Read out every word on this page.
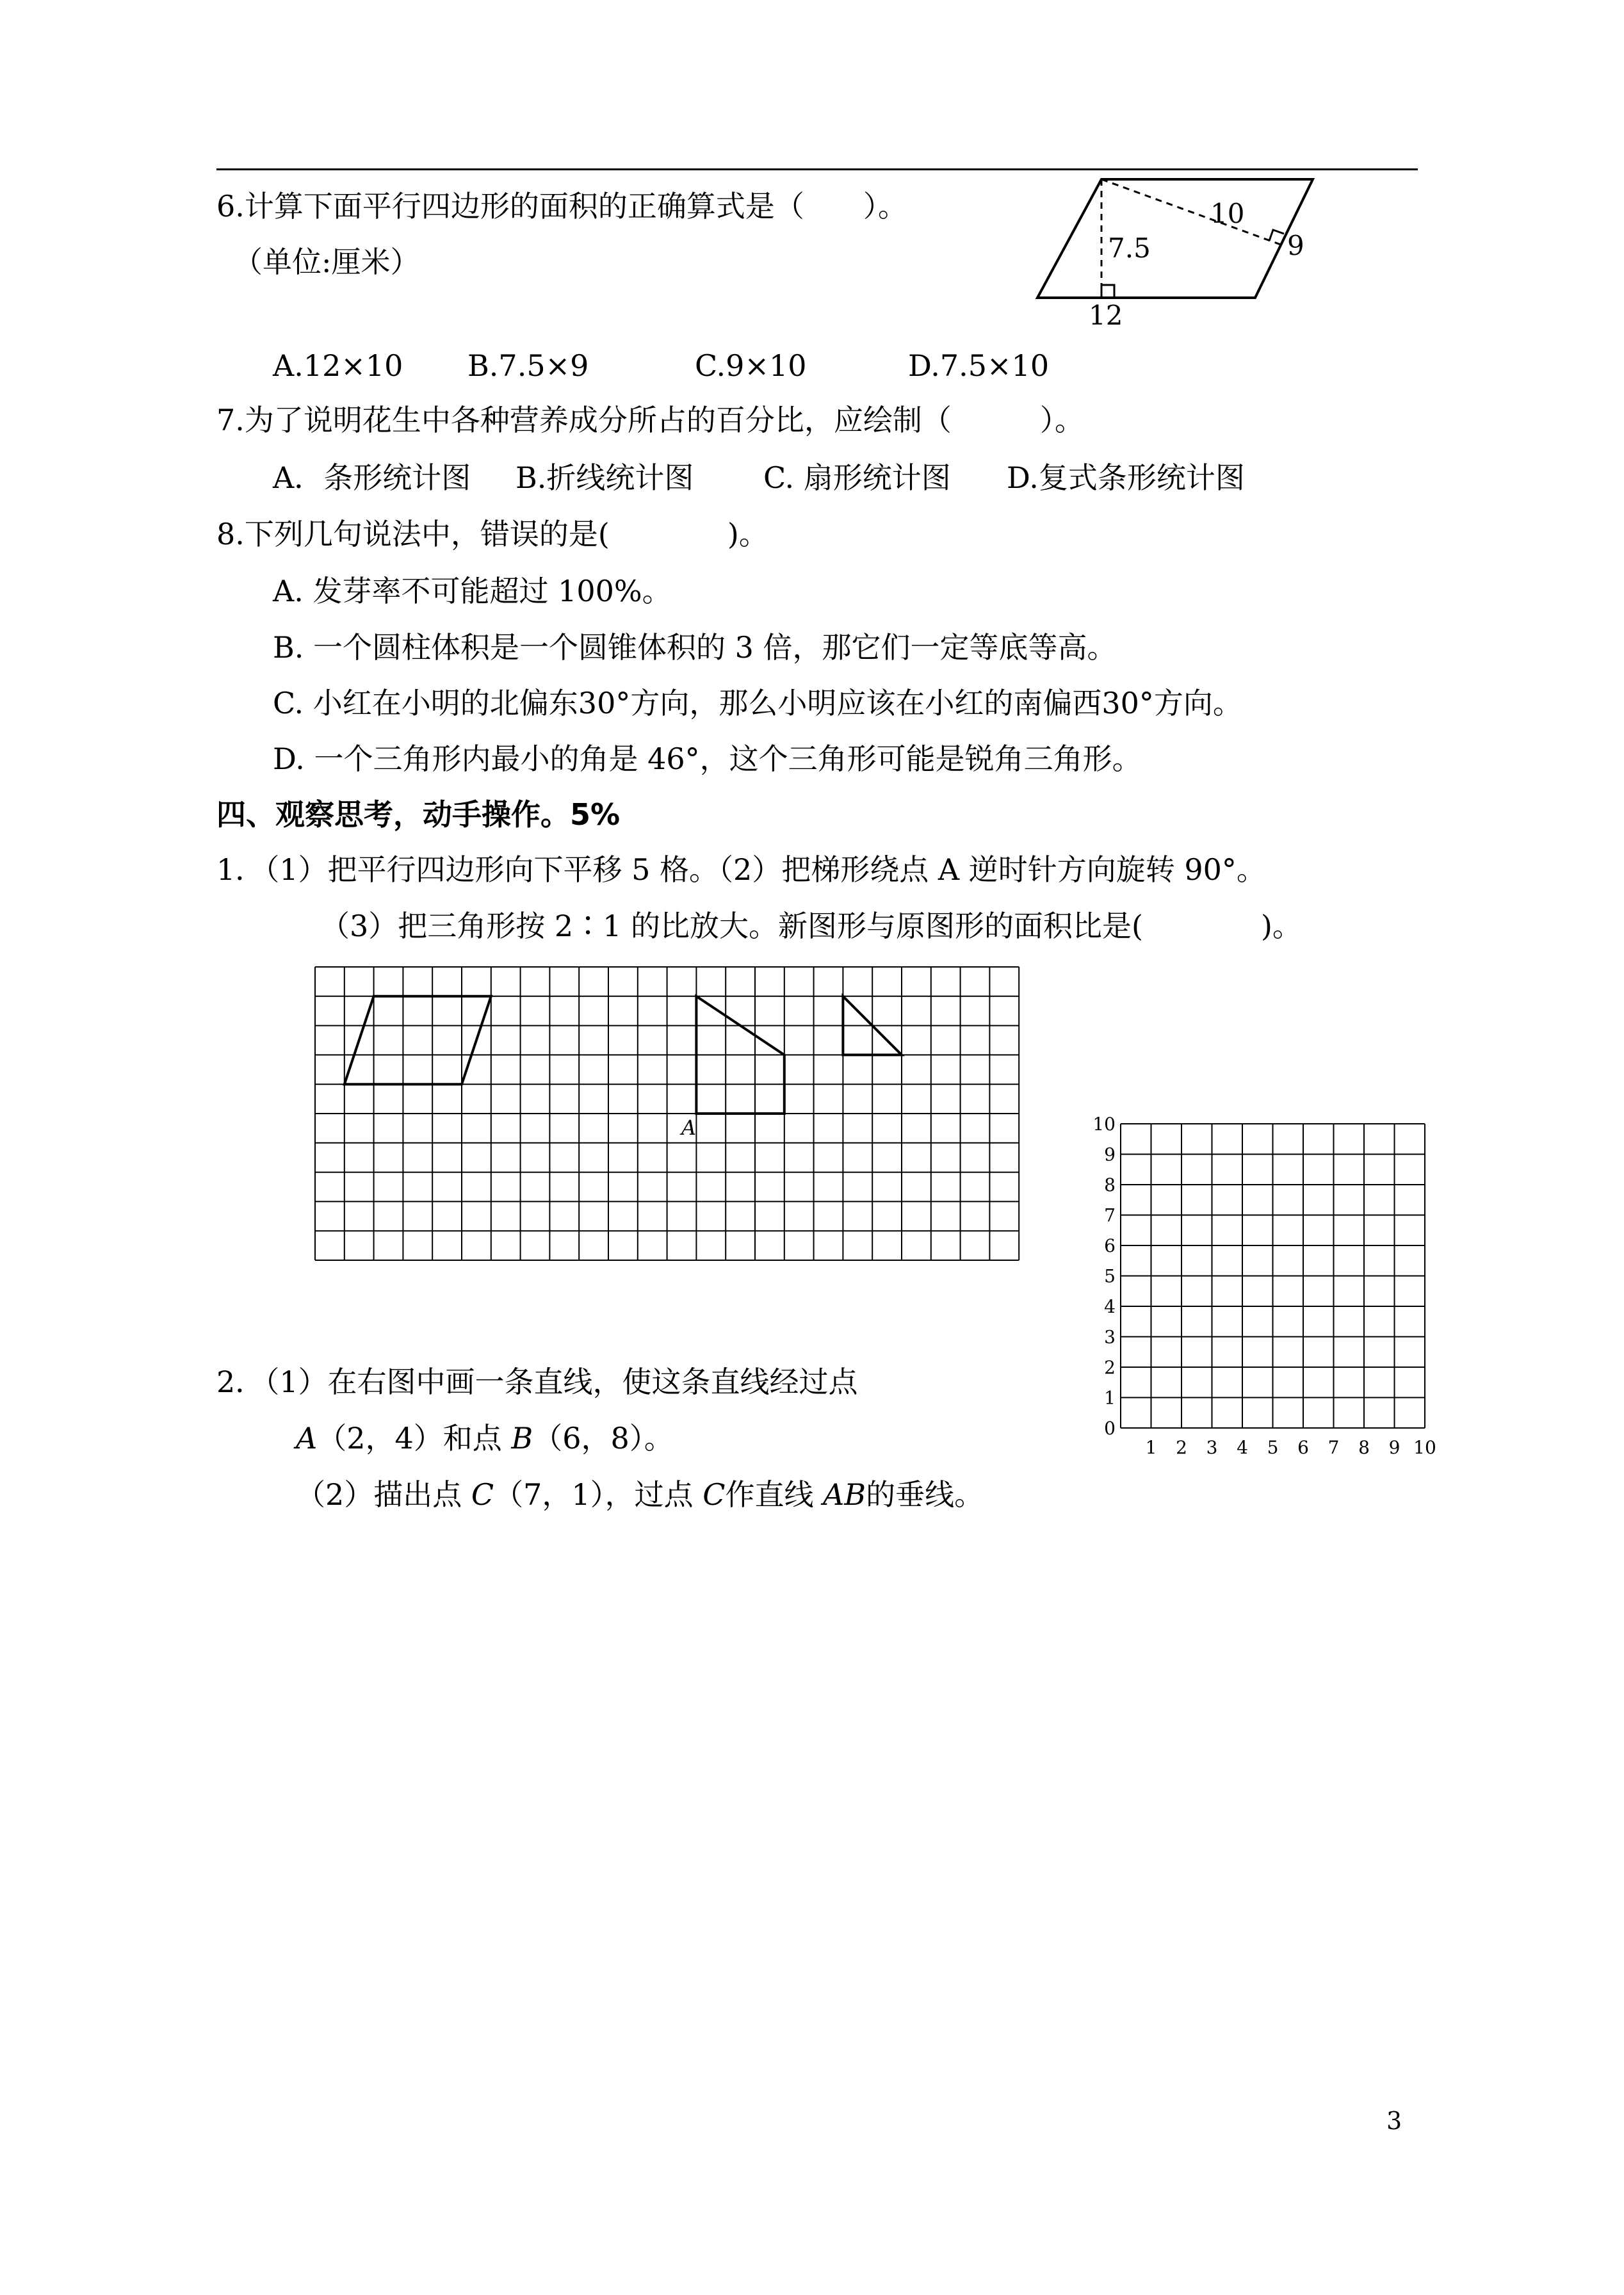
6.计算下面平行四边形的面积的正确算式是（　　）。
（单位:厘米）
10
7.5	9
12
A.12×10 B.7.5×9	C.9×10	D.7.5×10
7.为了说明花生中各种营养成分所占的百分比，应绘制（　　　）。
A．条形统计图 B.折线统计图 C. 扇形统计图 D.复式条形统计图
8.下列几句说法中，错误的是(　　　　)。
A. 发芽率不可能超过 100%。
B. 一个圆柱体积是一个圆锥体积的 3 倍，那它们一定等底等高。
C. 小红在小明的北偏东30°方向，那么小明应该在小红的南偏西30°方向。
D. 一个三角形内最小的角是 46°，这个三角形可能是锐角三角形。
四、观察思考，动手操作。5%
1．（1）把平行四边形向下平移 5 格。（2）把梯形绕点 A 逆时针方向旋转 90°。
（3）把三角形按 2∶1 的比放大。新图形与原图形的面积比是(　　　　)。
A
2．（1）在右图中画一条直线，使这条直线经过点
A（2，4）和点 B（6，8）。
（2）描出点 C（7，1），过点 C作直线 AB的垂线。
0
1
2
3
4
5
6
7
8
9
10
1 2 3 4 5 6 7 8 9 10
3
